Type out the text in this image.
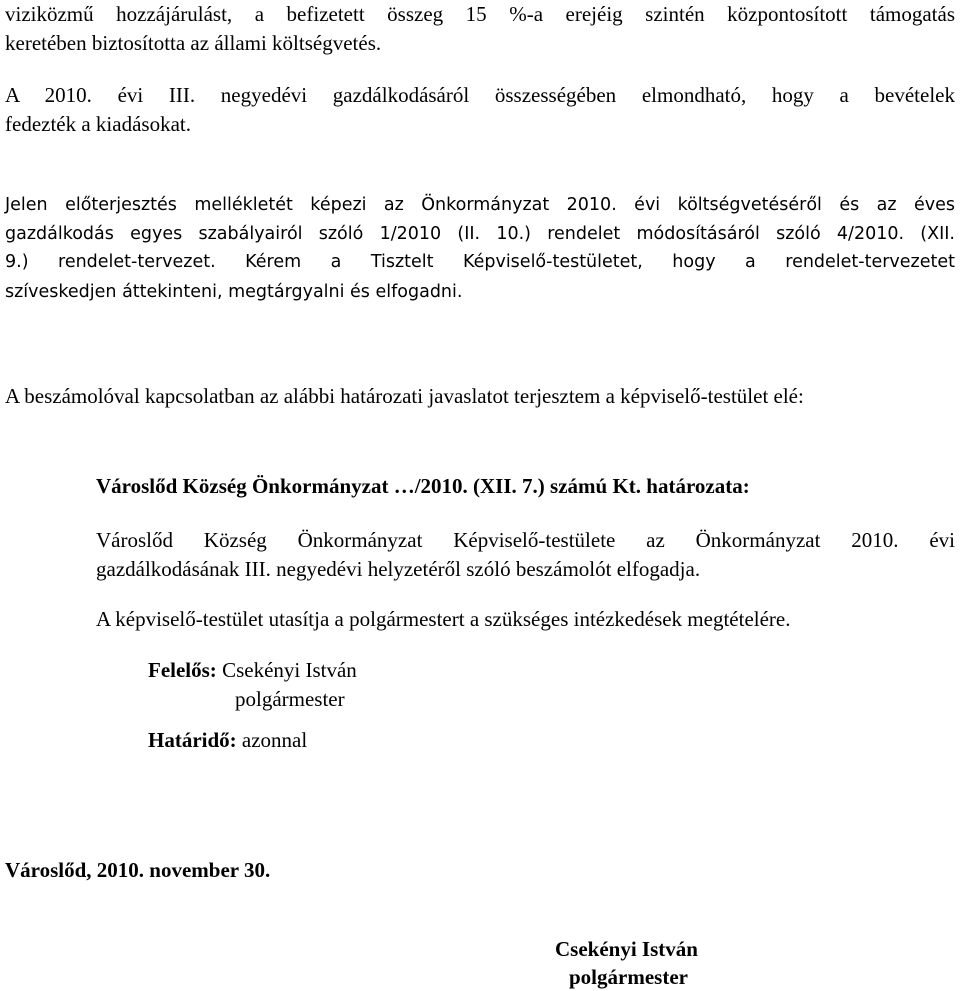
viziközmű hozzájárulást, a befizetett összeg 15 %-a erejéig szintén központosított támogatás
keretében biztosította az állami költségvetés.
A 2010. évi III. negyedévi gazdálkodásáról összességében elmondható, hogy a bevételek
fedezték a kiadásokat.
Jelen előterjesztés mellékletét képezi az Önkormányzat 2010. évi költségvetéséről és az éves
gazdálkodás egyes szabályairól szóló 1/2010 (II. 10.) rendelet módosításáról szóló 4/2010. (XII.
9.) rendelet-tervezet. Kérem a Tisztelt Képviselő-testületet, hogy a rendelet-tervezetet
szíveskedjen áttekinteni, megtárgyalni és elfogadni.
A beszámolóval kapcsolatban az alábbi határozati javaslatot terjesztem a képviselő-testület elé:
Városlőd Község Önkormányzat …/2010. (XII. 7.) számú Kt. határozata:
Városlőd Község Önkormányzat Képviselő-testülete az Önkormányzat 2010. évi
gazdálkodásának III. negyedévi helyzetéről szóló beszámolót elfogadja.
A képviselő-testület utasítja a polgármestert a szükséges intézkedések megtételére.
Felelős: Csekényi István
polgármester
Határidő: azonnal
Városlőd, 2010. november 30.
Csekényi István
polgármester
